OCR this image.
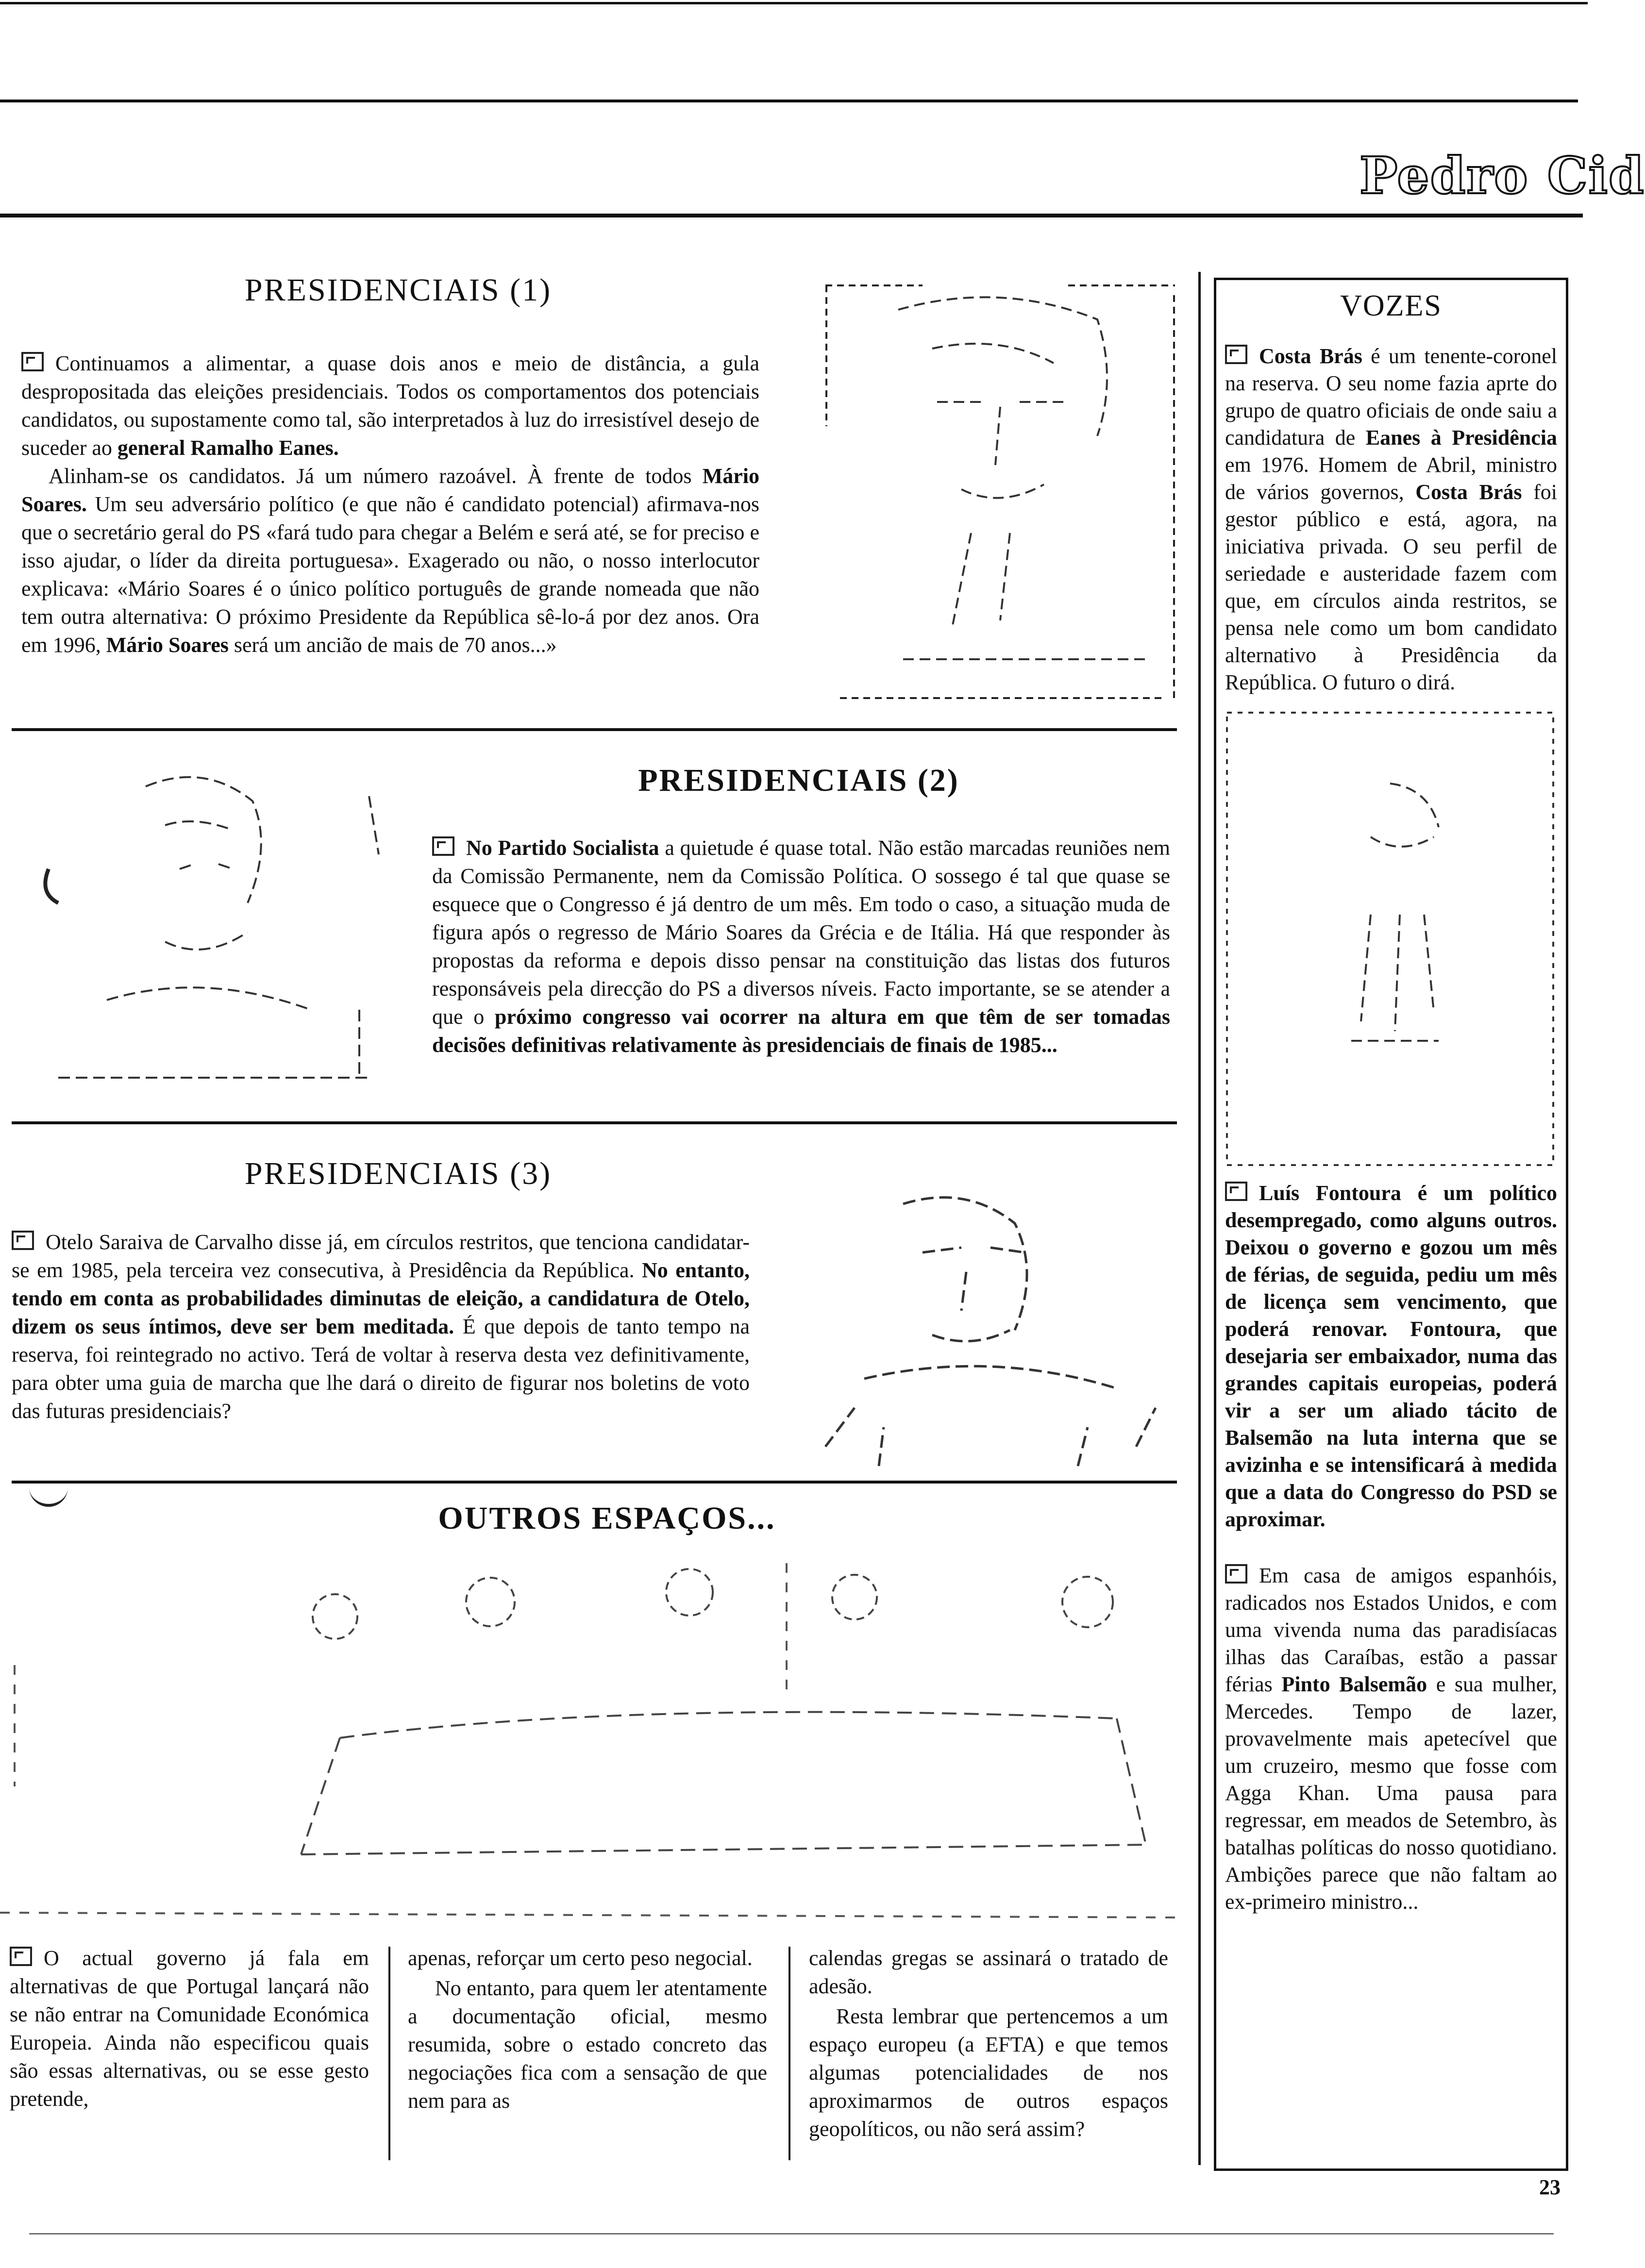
Pedro Cid
PRESIDENCIAIS (1)

Continuamos a alimentar, a quase dois anos e meio de distância, a gula despropositada das eleições presidenciais. Todos os comportamentos dos potenciais candidatos, ou supostamente como tal, são interpretados à luz do irresistível desejo de suceder ao general Ramalho Eanes.

Alinham-se os candidatos. Já um número razoável. À frente de todos Mário Soares. Um seu adversário político (e que não é candidato potencial) afirmava-nos que o secretário geral do PS «fará tudo para chegar a Belém e será até, se for preciso e isso ajudar, o líder da direita portuguesa». Exagerado ou não, o nosso interlocutor explicava: «Mário Soares é o único político português de grande nomeada que não tem outra alternativa: O próximo Presidente da República sê-lo-á por dez anos. Ora em 1996, Mário Soares será um ancião de mais de 70 anos...»

PRESIDENCIAIS (2)

No Partido Socialista a quietude é quase total. Não estão marcadas reuniões nem da Comissão Permanente, nem da Comissão Política. O sossego é tal que quase se esquece que o Congresso é já dentro de um mês. Em todo o caso, a situação muda de figura após o regresso de Mário Soares da Grécia e de Itália. Há que responder às propostas da reforma e depois disso pensar na constituição das listas dos futuros responsáveis pela direcção do PS a diversos níveis. Facto importante, se se atender a que o próximo congresso vai ocorrer na altura em que têm de ser tomadas decisões definitivas relativamente às presidenciais de finais de 1985...

PRESIDENCIAIS (3)

Otelo Saraiva de Carvalho disse já, em círculos restritos, que tenciona candidatar-se em 1985, pela terceira vez consecutiva, à Presidência da República. No entanto, tendo em conta as probabilidades diminutas de eleição, a candidatura de Otelo, dizem os seus íntimos, deve ser bem meditada. É que depois de tanto tempo na reserva, foi reintegrado no activo. Terá de voltar à reserva desta vez definitivamente, para obter uma guia de marcha que lhe dará o direito de figurar nos boletins de voto das futuras presidenciais?

OUTROS ESPAÇOS...

O actual governo já fala em alternativas de que Portugal lançará não se não entrar na Comunidade Económica Europeia. Ainda não especificou quais são essas alternativas, ou se esse gesto pretende,

apenas, reforçar um certo peso negocial.

No entanto, para quem ler atentamente a documentação oficial, mesmo resumida, sobre o estado concreto das negociações fica com a sensação de que nem para as

calendas gregas se assinará o tratado de adesão.

Resta lembrar que pertencemos a um espaço europeu (a EFTA) e que temos algumas potencialidades de nos aproximarmos de outros espaços geopolíticos, ou não será assim?

VOZES
Costa Brás é um tenente-coronel na reserva. O seu nome fazia aprte do grupo de quatro oficiais de onde saiu a candidatura de Eanes à Presidência em 1976. Homem de Abril, ministro de vários governos, Costa Brás foi gestor público e está, agora, na iniciativa privada. O seu perfil de seriedade e austeridade fazem com que, em círculos ainda restritos, se pensa nele como um bom candidato alternativo à Presidência da República. O futuro o dirá.
Luís Fontoura é um político desempregado, como alguns outros. Deixou o governo e gozou um mês de férias, de seguida, pediu um mês de licença sem vencimento, que poderá renovar. Fontoura, que desejaria ser embaixador, numa das grandes capitais europeias, poderá vir a ser um aliado tácito de Balsemão na luta interna que se avizinha e se intensificará à medida que a data do Congresso do PSD se aproximar.
Em casa de amigos espanhóis, radicados nos Estados Unidos, e com uma vivenda numa das paradisíacas ilhas das Caraíbas, estão a passar férias Pinto Balsemão e sua mulher, Mercedes. Tempo de lazer, provavelmente mais apetecível que um cruzeiro, mesmo que fosse com Agga Khan. Uma pausa para regressar, em meados de Setembro, às batalhas políticas do nosso quotidiano. Ambições parece que não faltam ao ex-primeiro ministro...
23
